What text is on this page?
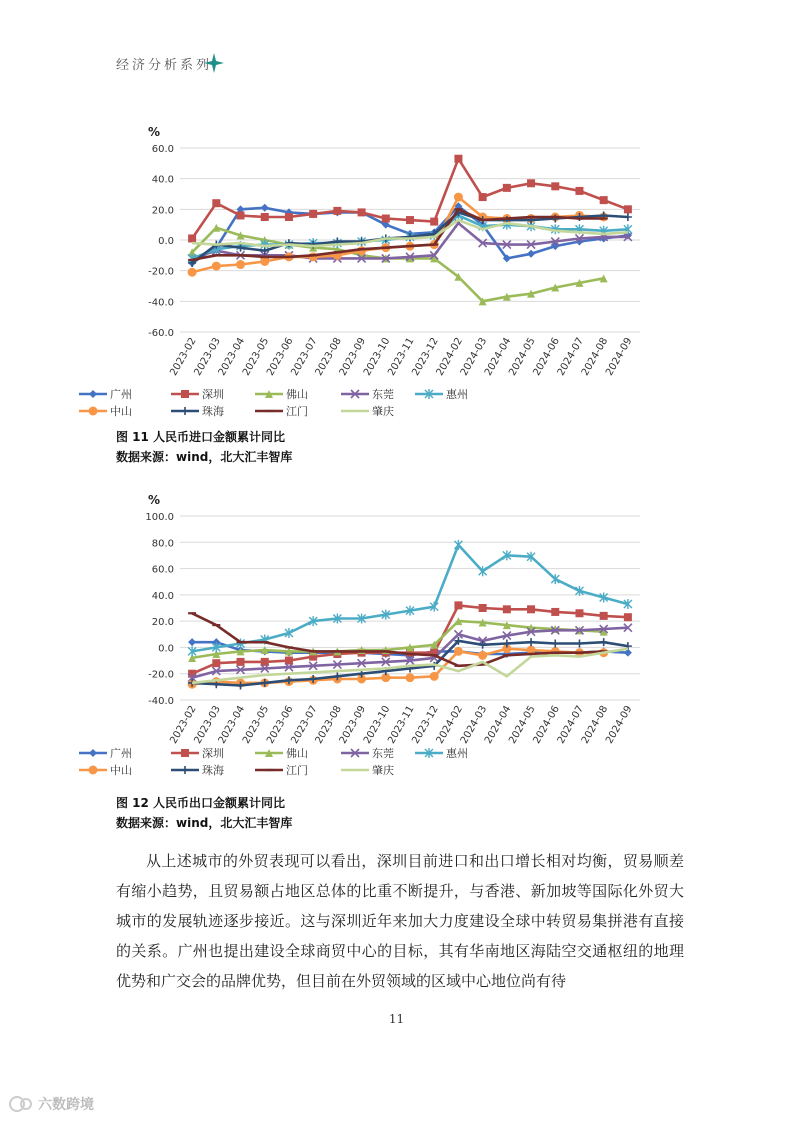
经济分析系列
%
60.0
40.0
20.0
0.0
-20.0
-40.0
-60.0
2023-02
2023-03
2023-04
2023-05
2023-06
2023-07
2023-08
2023-09
2023-10
2023-11
2023-12
2024-02
2024-03
2024-04
2024-05
2024-06
2024-07
2024-08
2024-09
广州	深圳	佛山	东莞	惠州
中山	珠海	江门	肇庆
图 11 人民币进口金额累计同比
数据来源：wind，北大汇丰智库
%
100.0
80.0
60.0
40.0
20.0
0.0
-20.0
-40.0
2023-02
2023-03
2023-04
2023-05
2023-06
2023-07
2023-08
2023-09
2023-10
2023-11
2023-12
2024-02
2024-03
2024-04
2024-05
2024-06
2024-07
2024-08
2024-09
广州	深圳	佛山	东莞	惠州
中山	珠海	江门	肇庆
图 12 人民币出口金额累计同比
数据来源：wind，北大汇丰智库
从上述城市的外贸表现可以看出，深圳目前进口和出口增长相对均衡，贸易顺差有缩小趋势，且贸易额占地区总体的比重不断提升，与香港、新加坡等国际化外贸大城市的发展轨迹逐步接近。这与深圳近年来加大力度建设全球中转贸易集拼港有直接的关系。广州也提出建设全球商贸中心的目标，其有华南地区海陆空交通枢纽的地理优势和广交会的品牌优势，但目前在外贸领域的区域中心地位尚有待
11
六数跨境
